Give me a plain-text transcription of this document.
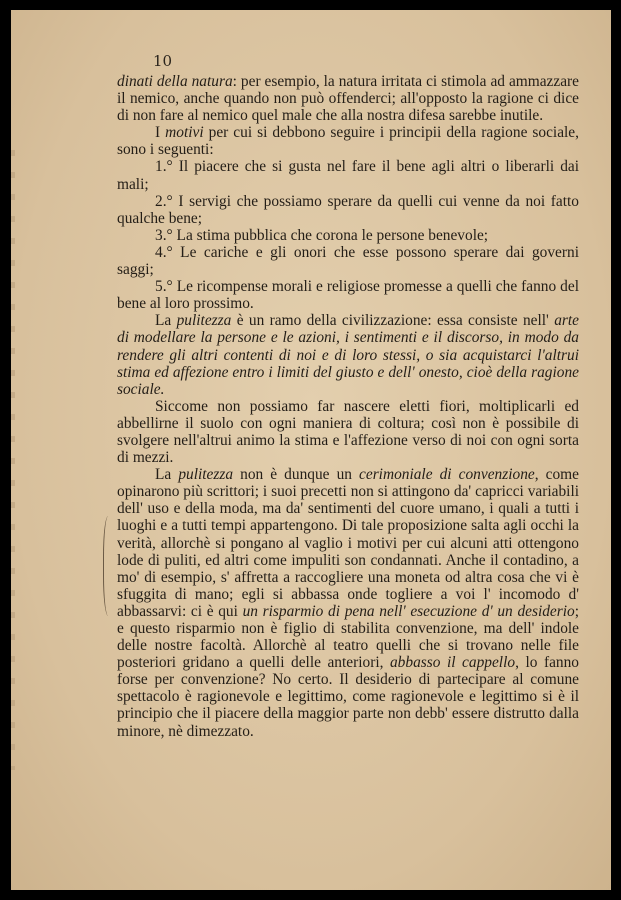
10

dinati della natura: per esempio, la natura irritata ci stimola ad ammazzare il nemico, anche quando non può offenderci; all'opposto la ragione ci dice di non fare al nemico quel male che alla nostra difesa sarebbe inutile.

I motivi per cui si debbono seguire i principii della ragione sociale, sono i seguenti:

1.° Il piacere che si gusta nel fare il bene agli altri o liberarli dai mali;

2.° I servigi che possiamo sperare da quelli cui venne da noi fatto qualche bene;

3.° La stima pubblica che corona le persone benevole;

4.° Le cariche e gli onori che esse possono sperare dai governi saggi;

5.° Le ricompense morali e religiose promesse a quelli che fanno del bene al loro prossimo.

La pulitezza è un ramo della civilizzazione: essa consiste nell' arte di modellare la persone e le azioni, i sentimenti e il discorso, in modo da rendere gli altri contenti di noi e di loro stessi, o sia acquistarci l'altrui stima ed affezione entro i limiti del giusto e dell' onesto, cioè della ragione sociale.

Siccome non possiamo far nascere eletti fiori, moltiplicarli ed abbellirne il suolo con ogni maniera di coltura; così non è possibile di svolgere nell'altrui animo la stima e l'affezione verso di noi con ogni sorta di mezzi.

La pulitezza non è dunque un cerimoniale di convenzione, come opinarono più scrittori; i suoi precetti non si attingono da' capricci variabili dell' uso e della moda, ma da' sentimenti del cuore umano, i quali a tutti i luoghi e a tutti tempi appartengono. Di tale proposizione salta agli occhi la verità, allorchè si pongano al vaglio i motivi per cui alcuni atti ottengono lode di puliti, ed altri come impuliti son condannati. Anche il contadino, a mo' di esempio, s' affretta a raccogliere una moneta od altra cosa che vi è sfuggita di mano; egli si abbassa onde togliere a voi l' incomodo d' abbassarvi: ci è qui un risparmio di pena nell' esecuzione d' un desiderio; e questo risparmio non è figlio di stabilita convenzione, ma dell' indole delle nostre facoltà. Allorchè al teatro quelli che si trovano nelle file posteriori gridano a quelli delle anteriori, abbasso il cappello, lo fanno forse per convenzione? No certo. Il desiderio di partecipare al comune spettacolo è ragionevole e legittimo, come ragionevole e legittimo si è il principio che il piacere della maggior parte non debb' essere distrutto dalla minore, nè dimezzato.
